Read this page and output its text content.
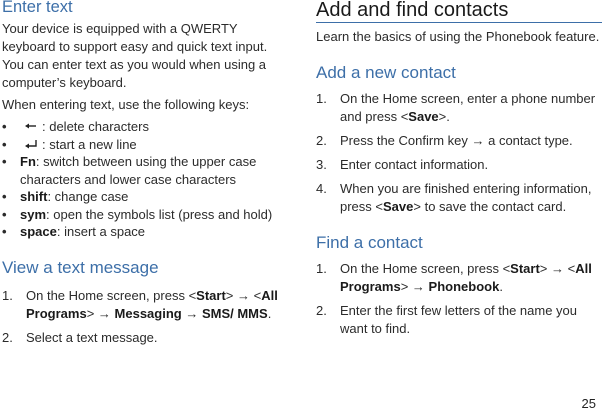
Enter text

Your device is equipped with a QWERTY keyboard to support easy and quick text input. You can enter text as you would when using a computer’s keyboard.

When entering text, use the following keys:

•	: delete characters
•	: start a new line
• Fn: switch between using the upper case characters and lower case characters
• shift: change case
• sym: open the symbols list (press and hold)
• space: insert a space
View a text message
1. On the Home screen, press <Start> → <All Programs> → Messaging → SMS/ MMS.
2. Select a text message.
Add and find contacts

Learn the basics of using the Phonebook feature.

Add a new contact
1. On the Home screen, enter a phone number and press <Save>.
2. Press the Confirm key → a contact type.
3. Enter contact information.
4. When you are finished entering information, press <Save> to save the contact card.
Find a contact
1. On the Home screen, press <Start> → <All Programs> → Phonebook.
2. Enter the first few letters of the name you want to find.
25
